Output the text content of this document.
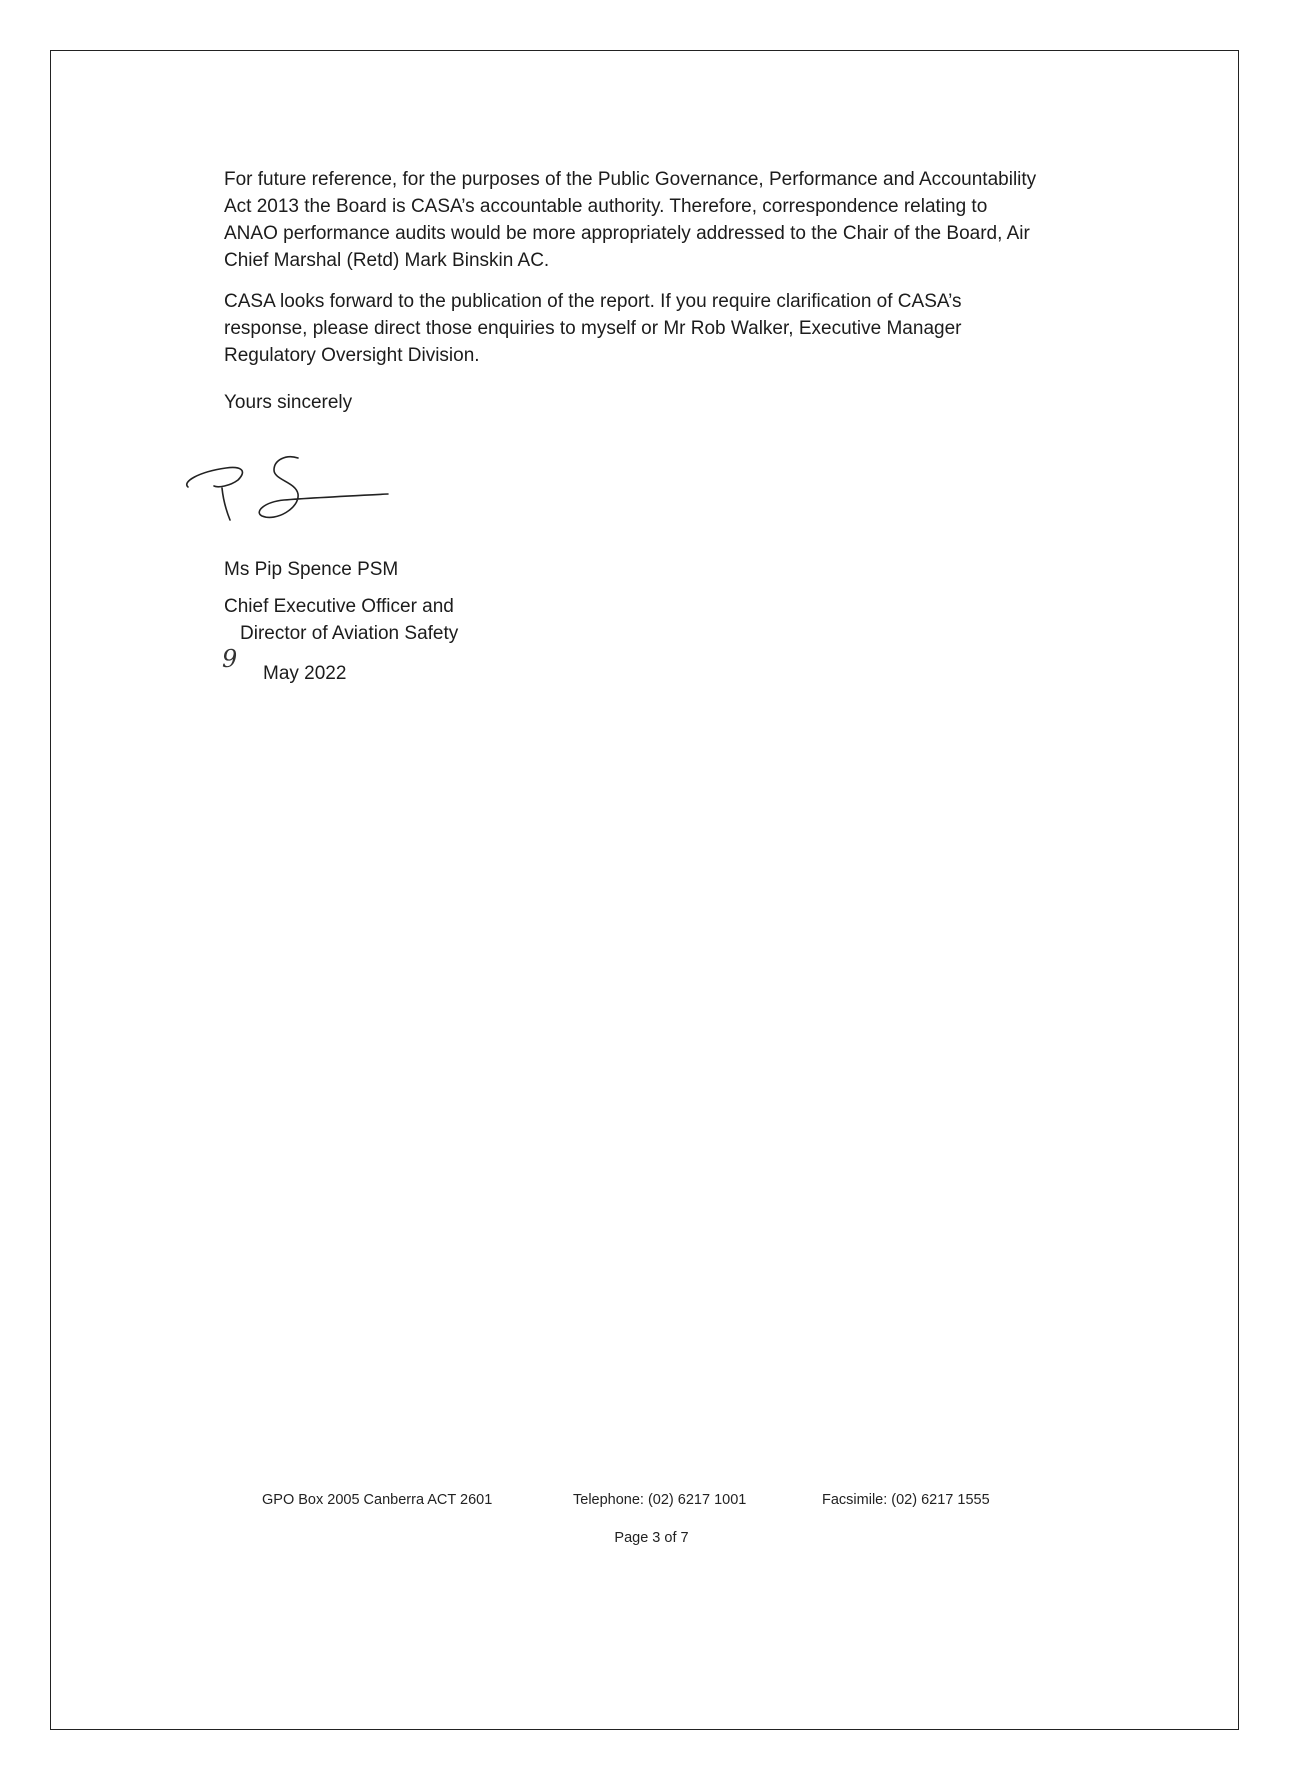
For future reference, for the purposes of the Public Governance, Performance and Accountability Act 2013 the Board is CASA’s accountable authority. Therefore, correspondence relating to ANAO performance audits would be more appropriately addressed to the Chair of the Board, Air Chief Marshal (Retd) Mark Binskin AC.

CASA looks forward to the publication of the report. If you require clarification of CASA’s response, please direct those enquiries to myself or Mr Rob Walker, Executive Manager Regulatory Oversight Division.

Yours sincerely

Ms Pip Spence PSM

Chief Executive Officer and

Director of Aviation Safety

9
May 2022
GPO Box 2005 Canberra ACT 2601	Telephone: (02) 6217 1001	Facsimile: (02) 6217 1555
Page 3 of 7
